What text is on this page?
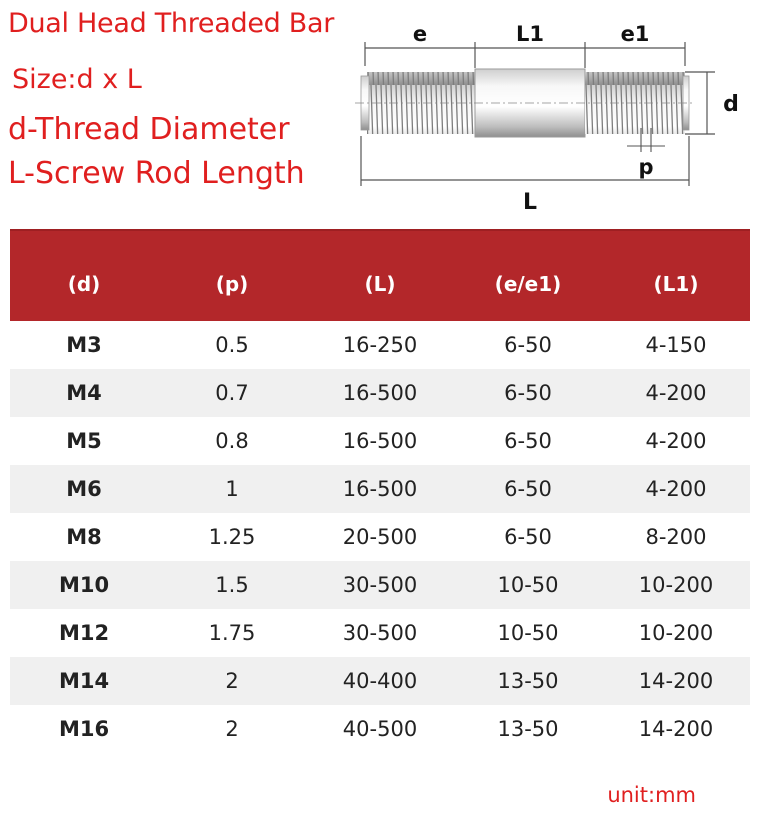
Dual Head Threaded Bar
Size:d x L
d-Thread Diameter
L-Screw Rod Length
e	L1	e1
d
p
L
(d)	(p)	(L)	(e/e1)	(L1)
M3	0.5	16-250	6-50	4-150
M4	0.7	16-500	6-50	4-200
M5	0.8	16-500	6-50	4-200
M6	1	16-500	6-50	4-200
M8	1.25	20-500	6-50	8-200
M10	1.5	30-500	10-50	10-200
M12	1.75	30-500	10-50	10-200
M14	2	40-400	13-50	14-200
M16	2	40-500	13-50	14-200
unit:mm
